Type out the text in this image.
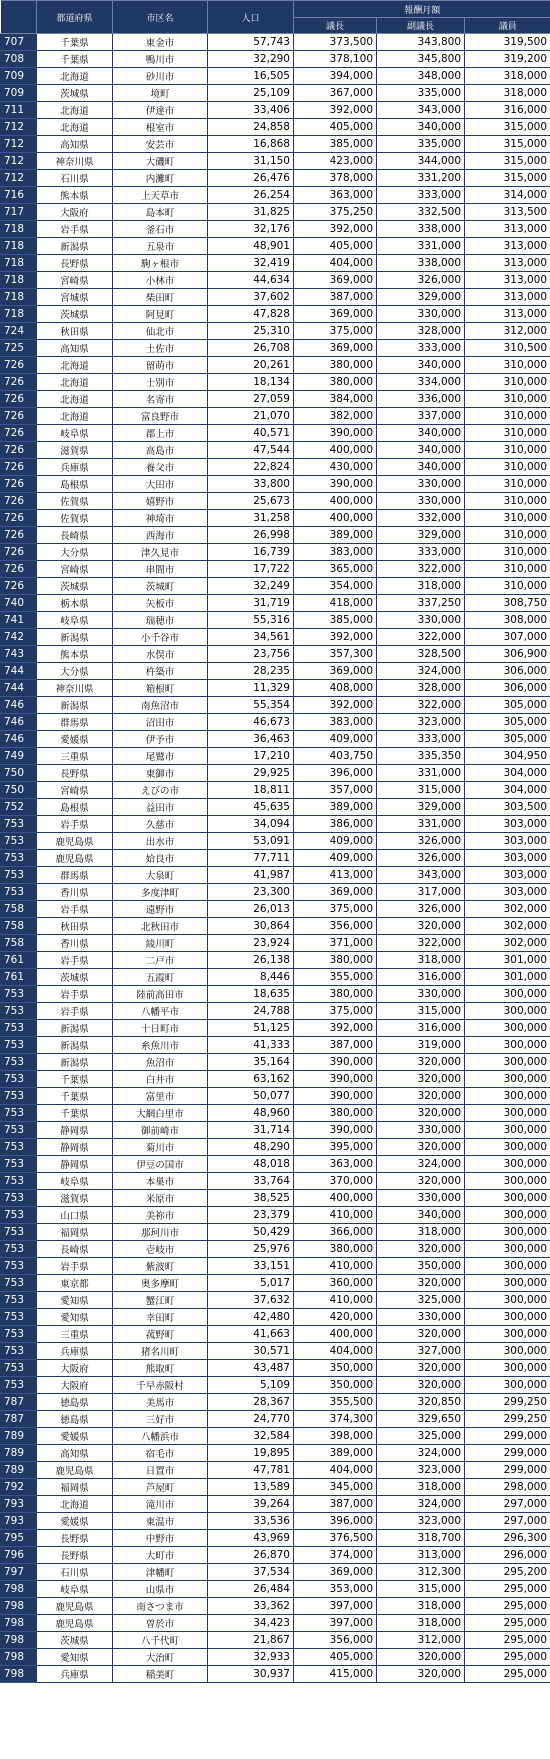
	都道府県	市区名	人口	報酬月額		
				議長	副議長	議員
707	千葉県	東金市	57,743	373,500	343,800	319,500
708	千葉県	鴨川市	32,290	378,100	345,800	319,200
709	北海道	砂川市	16,505	394,000	348,000	318,000
709	茨城県	境町	25,109	367,000	335,000	318,000
711	北海道	伊達市	33,406	392,000	343,000	316,000
712	北海道	根室市	24,858	405,000	340,000	315,000
712	高知県	安芸市	16,868	385,000	335,000	315,000
712	神奈川県	大磯町	31,150	423,000	344,000	315,000
712	石川県	内灘町	26,476	378,000	331,200	315,000
716	熊本県	上天草市	26,254	363,000	333,000	314,000
717	大阪府	島本町	31,825	375,250	332,500	313,500
718	岩手県	釜石市	32,176	392,000	338,000	313,000
718	新潟県	五泉市	48,901	405,000	331,000	313,000
718	長野県	駒ヶ根市	32,419	404,000	338,000	313,000
718	宮崎県	小林市	44,634	369,000	326,000	313,000
718	宮城県	柴田町	37,602	387,000	329,000	313,000
718	茨城県	阿見町	47,828	369,000	330,000	313,000
724	秋田県	仙北市	25,310	375,000	328,000	312,000
725	高知県	土佐市	26,708	369,000	333,000	310,500
726	北海道	留萌市	20,261	380,000	340,000	310,000
726	北海道	士別市	18,134	380,000	334,000	310,000
726	北海道	名寄市	27,059	384,000	336,000	310,000
726	北海道	富良野市	21,070	382,000	337,000	310,000
726	岐阜県	郡上市	40,571	390,000	340,000	310,000
726	滋賀県	高島市	47,544	400,000	340,000	310,000
726	兵庫県	養父市	22,824	430,000	340,000	310,000
726	島根県	大田市	33,800	390,000	330,000	310,000
726	佐賀県	嬉野市	25,673	400,000	330,000	310,000
726	佐賀県	神埼市	31,258	400,000	332,000	310,000
726	長崎県	西海市	26,998	389,000	329,000	310,000
726	大分県	津久見市	16,739	383,000	333,000	310,000
726	宮崎県	串間市	17,722	365,000	322,000	310,000
726	茨城県	茨城町	32,249	354,000	318,000	310,000
740	栃木県	矢板市	31,719	418,000	337,250	308,750
741	岐阜県	瑞穂市	55,316	385,000	330,000	308,000
742	新潟県	小千谷市	34,561	392,000	322,000	307,000
743	熊本県	水俣市	23,756	357,300	328,500	306,900
744	大分県	杵築市	28,235	369,000	324,000	306,000
744	神奈川県	箱根町	11,329	408,000	328,000	306,000
746	新潟県	南魚沼市	55,354	392,000	322,000	305,000
746	群馬県	沼田市	46,673	383,000	323,000	305,000
746	愛媛県	伊予市	36,463	409,000	333,000	305,000
749	三重県	尾鷲市	17,210	403,750	335,350	304,950
750	長野県	東御市	29,925	396,000	331,000	304,000
750	宮崎県	えびの市	18,811	357,000	315,000	304,000
752	島根県	益田市	45,635	389,000	329,000	303,500
753	岩手県	久慈市	34,094	386,000	331,000	303,000
753	鹿児島県	出水市	53,091	409,000	326,000	303,000
753	鹿児島県	姶良市	77,711	409,000	326,000	303,000
753	群馬県	大泉町	41,987	413,000	343,000	303,000
753	香川県	多度津町	23,300	369,000	317,000	303,000
758	岩手県	遠野市	26,013	375,000	326,000	302,000
758	秋田県	北秋田市	30,864	356,000	320,000	302,000
758	香川県	綾川町	23,924	371,000	322,000	302,000
761	岩手県	二戸市	26,138	380,000	318,000	301,000
761	茨城県	五霞町	8,446	355,000	316,000	301,000
753	岩手県	陸前高田市	18,635	380,000	330,000	300,000
753	岩手県	八幡平市	24,788	375,000	315,000	300,000
753	新潟県	十日町市	51,125	392,000	316,000	300,000
753	新潟県	糸魚川市	41,333	387,000	319,000	300,000
753	新潟県	魚沼市	35,164	390,000	320,000	300,000
753	千葉県	白井市	63,162	390,000	320,000	300,000
753	千葉県	富里市	50,077	390,000	320,000	300,000
753	千葉県	大網白里市	48,960	380,000	320,000	300,000
753	静岡県	御前崎市	31,714	390,000	330,000	300,000
753	静岡県	菊川市	48,290	395,000	320,000	300,000
753	静岡県	伊豆の国市	48,018	363,000	324,000	300,000
753	岐阜県	本巣市	33,764	370,000	320,000	300,000
753	滋賀県	米原市	38,525	400,000	330,000	300,000
753	山口県	美祢市	23,379	410,000	340,000	300,000
753	福岡県	那珂川市	50,429	366,000	318,000	300,000
753	長崎県	壱岐市	25,976	380,000	320,000	300,000
753	岩手県	紫波町	33,151	410,000	350,000	300,000
753	東京都	奥多摩町	5,017	360,000	320,000	300,000
753	愛知県	蟹江町	37,632	410,000	325,000	300,000
753	愛知県	幸田町	42,480	420,000	330,000	300,000
753	三重県	菰野町	41,663	400,000	320,000	300,000
753	兵庫県	猪名川町	30,571	404,000	327,000	300,000
753	大阪府	熊取町	43,487	350,000	320,000	300,000
753	大阪府	千早赤阪村	5,109	350,000	320,000	300,000
787	徳島県	美馬市	28,367	355,500	320,850	299,250
787	徳島県	三好市	24,770	374,300	329,650	299,250
789	愛媛県	八幡浜市	32,584	398,000	325,000	299,000
789	高知県	宿毛市	19,895	389,000	324,000	299,000
789	鹿児島県	日置市	47,781	404,000	323,000	299,000
792	福岡県	芦屋町	13,589	345,000	318,000	298,000
793	北海道	滝川市	39,264	387,000	324,000	297,000
793	愛媛県	東温市	33,536	396,000	323,000	297,000
795	長野県	中野市	43,969	376,500	318,700	296,300
796	長野県	大町市	26,870	374,000	313,000	296,000
797	石川県	津幡町	37,534	369,000	312,300	295,200
798	岐阜県	山県市	26,484	353,000	315,000	295,000
798	鹿児島県	南さつま市	33,362	397,000	318,000	295,000
798	鹿児島県	曽於市	34,423	397,000	318,000	295,000
798	茨城県	八千代町	21,867	356,000	312,000	295,000
798	愛知県	大治町	32,933	405,000	320,000	295,000
798	兵庫県	稲美町	30,937	415,000	320,000	295,000
